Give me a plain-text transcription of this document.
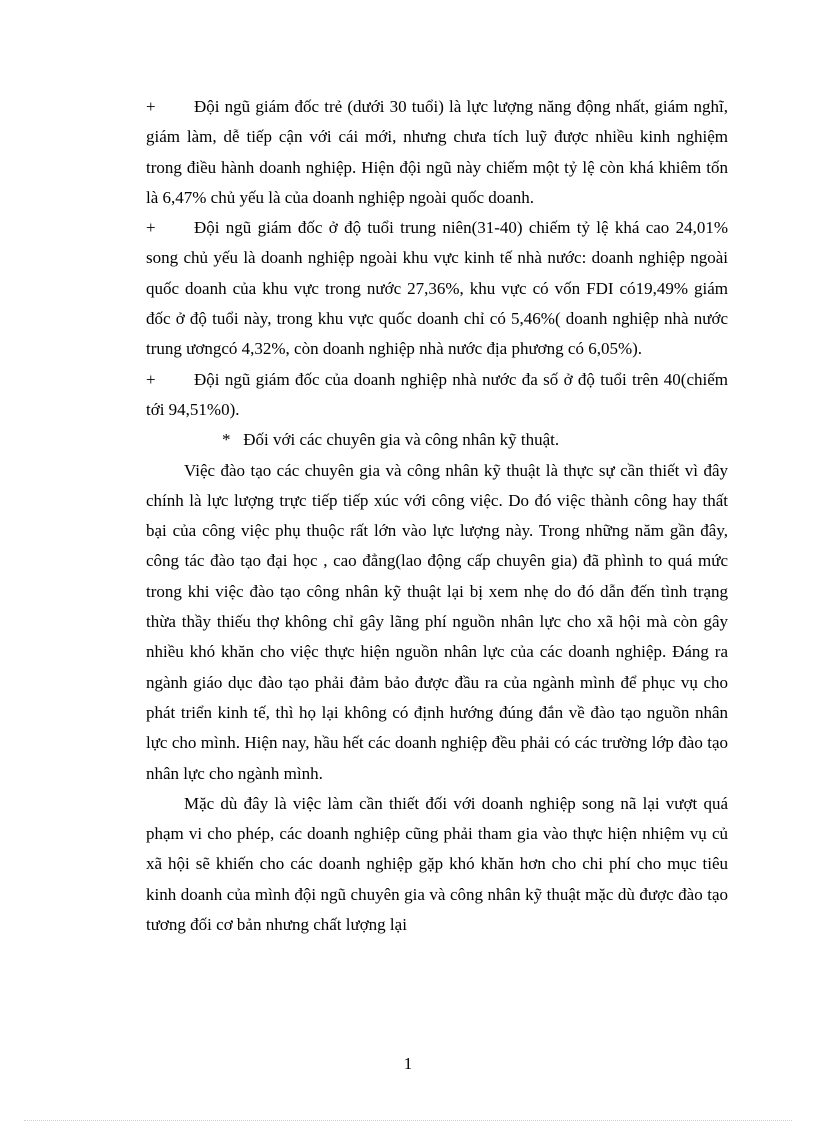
+ Đội ngũ giám đốc trẻ (dưới 30 tuổi) là lực lượng năng động nhất, giám nghĩ, giám làm, dễ tiếp cận với cái mới, nhưng chưa tích luỹ được nhiều kinh nghiệm trong điều hành doanh nghiệp. Hiện đội ngũ này chiếm một tỷ lệ còn khá khiêm tốn là 6,47% chủ yếu là của doanh nghiệp ngoài quốc doanh.

+ Đội ngũ giám đốc ở độ tuổi trung niên(31-40) chiếm tỷ lệ khá cao 24,01% song chủ yếu là doanh nghiệp ngoài khu vực kinh tế nhà nước: doanh nghiệp ngoài quốc doanh của khu vực trong nước 27,36%, khu vực có vốn FDI có19,49% giám đốc ở độ tuổi này, trong khu vực quốc doanh chỉ có 5,46%( doanh nghiệp nhà nước trung ươngcó 4,32%, còn doanh nghiệp nhà nước địa phương có 6,05%).

+ Đội ngũ giám đốc của doanh nghiệp nhà nước đa số ở độ tuổi trên 40(chiếm tới 94,51%0).

* Đối với các chuyên gia và công nhân kỹ thuật.

Việc đào tạo các chuyên gia và công nhân kỹ thuật là thực sự cần thiết vì đây chính là lực lượng trực tiếp tiếp xúc với công việc. Do đó việc thành công hay thất bại của công việc phụ thuộc rất lớn vào lực lượng này. Trong những năm gần đây, công tác đào tạo đại học , cao đẳng(lao động cấp chuyên gia) đã phình to quá mức trong khi việc đào tạo công nhân kỹ thuật lại bị xem nhẹ do đó dẫn đến tình trạng thừa thầy thiếu thợ không chỉ gây lãng phí nguồn nhân lực cho xã hội mà còn gây nhiều khó khăn cho việc thực hiện nguồn nhân lực của các doanh nghiệp. Đáng ra ngành giáo dục đào tạo phải đảm bảo được đầu ra của ngành mình để phục vụ cho phát triển kinh tế, thì họ lại không có định hướng đúng đắn về đào tạo nguồn nhân lực cho mình. Hiện nay, hầu hết các doanh nghiệp đều phải có các trường lớp đào tạo nhân lực cho ngành mình.

Mặc dù đây là việc làm cần thiết đối với doanh nghiệp song nã lại vượt quá phạm vi cho phép, các doanh nghiệp cũng phải tham gia vào thực hiện nhiệm vụ củ xã hội sẽ khiến cho các doanh nghiệp gặp khó khăn hơn cho chi phí cho mục tiêu kinh doanh của mình đội ngũ chuyên gia và công nhân kỹ thuật mặc dù được đào tạo tương đối cơ bản nhưng chất lượng lại

1
